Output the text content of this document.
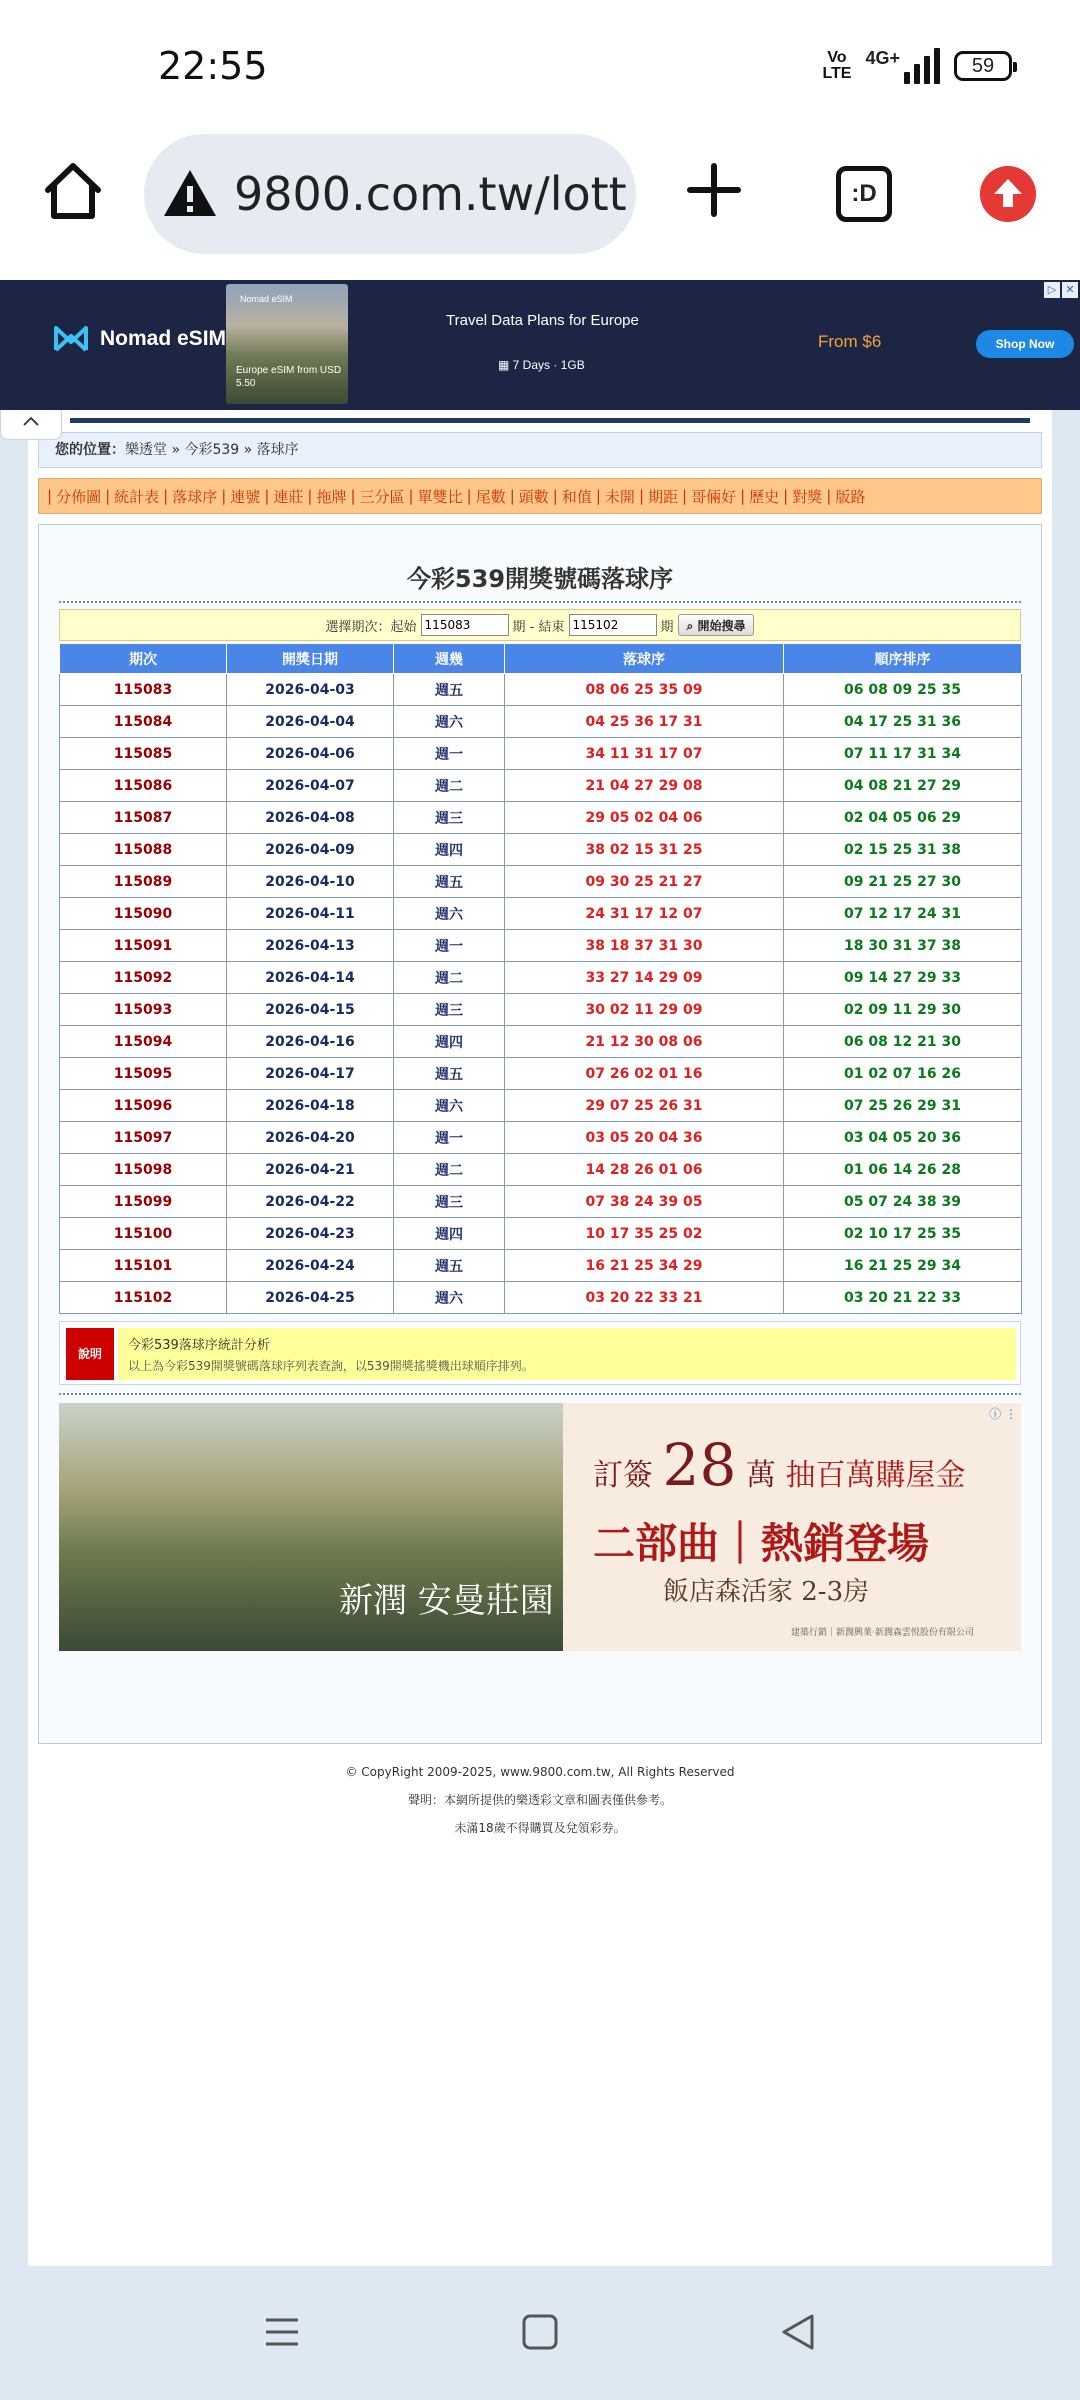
22:55	Vo
LTE
4G+	59
9800.com.tw/lott	:D
▷ ✕
Nomad eSIM
Nomad eSIM
Europe eSIM from USD 5.50
Travel Data Plans for Europe
▦ 7 Days · 1GB
From $6	Shop Now
您的位置：樂透堂 » 今彩539 » 落球序
| 分佈圖 | 統計表 | 落球序 | 連號 | 連莊 | 拖牌 | 三分區 | 單雙比 | 尾數 | 頭數 | 和值 | 未開 | 期距 | 哥倆好 | 歷史 | 對獎 | 版路
今彩539開獎號碼落球序
選擇期次：起始
115083	期 - 結束
115102	期	⌕ 開始搜尋
期次	開獎日期	週幾	落球序	順序排序
115083	2026-04-03	週五	08 06 25 35 09	06 08 09 25 35
115084	2026-04-04	週六	04 25 36 17 31	04 17 25 31 36
115085	2026-04-06	週一	34 11 31 17 07	07 11 17 31 34
115086	2026-04-07	週二	21 04 27 29 08	04 08 21 27 29
115087	2026-04-08	週三	29 05 02 04 06	02 04 05 06 29
115088	2026-04-09	週四	38 02 15 31 25	02 15 25 31 38
115089	2026-04-10	週五	09 30 25 21 27	09 21 25 27 30
115090	2026-04-11	週六	24 31 17 12 07	07 12 17 24 31
115091	2026-04-13	週一	38 18 37 31 30	18 30 31 37 38
115092	2026-04-14	週二	33 27 14 29 09	09 14 27 29 33
115093	2026-04-15	週三	30 02 11 29 09	02 09 11 29 30
115094	2026-04-16	週四	21 12 30 08 06	06 08 12 21 30
115095	2026-04-17	週五	07 26 02 01 16	01 02 07 16 26
115096	2026-04-18	週六	29 07 25 26 31	07 25 26 29 31
115097	2026-04-20	週一	03 05 20 04 36	03 04 05 20 36
115098	2026-04-21	週二	14 28 26 01 06	01 06 14 26 28
115099	2026-04-22	週三	07 38 24 39 05	05 07 24 38 39
115100	2026-04-23	週四	10 17 35 25 02	02 10 17 25 35
115101	2026-04-24	週五	16 21 25 34 29	16 21 25 29 34
115102	2026-04-25	週六	03 20 22 33 21	03 20 21 22 33
說明
今彩539落球序統計分析
以上為今彩539開獎號碼落球序列表查詢，以539開獎搖獎機出球順序排列。
新潤 安曼莊園
訂簽 28 萬 抽百萬購屋金
二部曲｜熱銷登場
飯店森活家 2-3房
建築行銷｜新潤興業‧新潤森雲悦股份有限公司
ⓘ ⋮
© CopyRight 2009-2025, www.9800.com.tw, All Rights Reserved
聲明：本網所提供的樂透彩文章和圖表僅供參考。
未滿18歲不得購買及兌領彩券。
